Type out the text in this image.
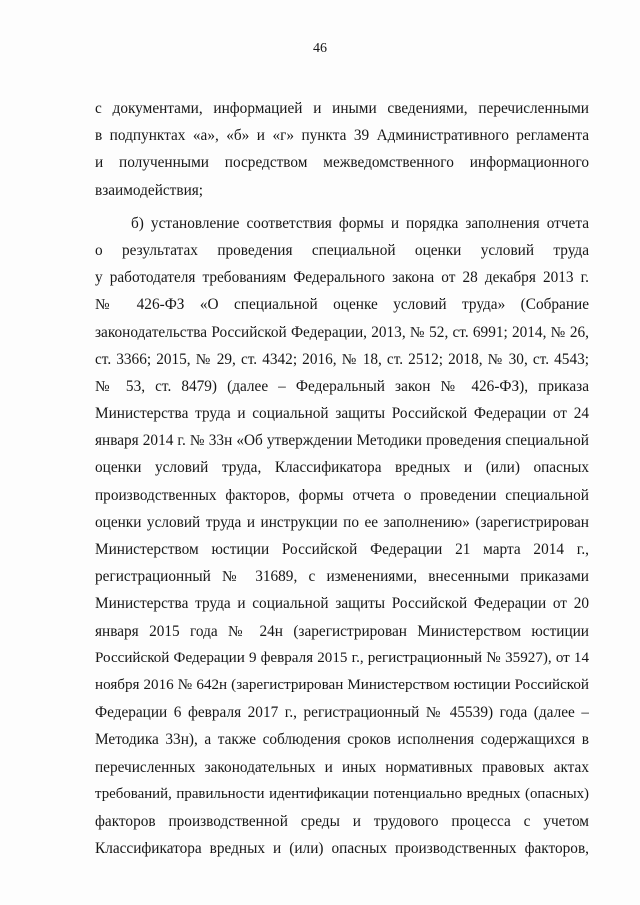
46
с документами, информацией и иными сведениями, перечисленными
в подпунктах «а», «б» и «г» пункта 39 Административного регламента
и полученными посредством межведомственного информационного
взаимодействия;
б) установление соответствия формы и порядка заполнения отчета
о результатах проведения специальной оценки условий труда
у работодателя требованиям Федерального закона от 28 декабря 2013 г.
№ 426-ФЗ «О специальной оценке условий труда» (Собрание
законодательства Российской Федерации, 2013, № 52, ст. 6991; 2014, № 26,
ст. 3366; 2015, № 29, ст. 4342; 2016, № 18, ст. 2512; 2018, № 30, ст. 4543;
№ 53, ст. 8479) (далее – Федеральный закон № 426-ФЗ), приказа
Министерства труда и социальной защиты Российской Федерации от 24
января 2014 г. № 33н «Об утверждении Методики проведения специальной
оценки условий труда, Классификатора вредных и (или) опасных
производственных факторов, формы отчета о проведении специальной
оценки условий труда и инструкции по ее заполнению» (зарегистрирован
Министерством юстиции Российской Федерации 21 марта 2014 г.,
регистрационный № 31689, с изменениями, внесенными приказами
Министерства труда и социальной защиты Российской Федерации от 20
января 2015 года № 24н (зарегистрирован Министерством юстиции
Российской Федерации 9 февраля 2015 г., регистрационный № 35927), от 14
ноября 2016 № 642н (зарегистрирован Министерством юстиции Российской
Федерации 6 февраля 2017 г., регистрационный № 45539) года (далее –
Методика 33н), а также соблюдения сроков исполнения содержащихся в
перечисленных законодательных и иных нормативных правовых актах
требований, правильности идентификации потенциально вредных (опасных)
факторов производственной среды и трудового процесса с учетом
Классификатора вредных и (или) опасных производственных факторов,
